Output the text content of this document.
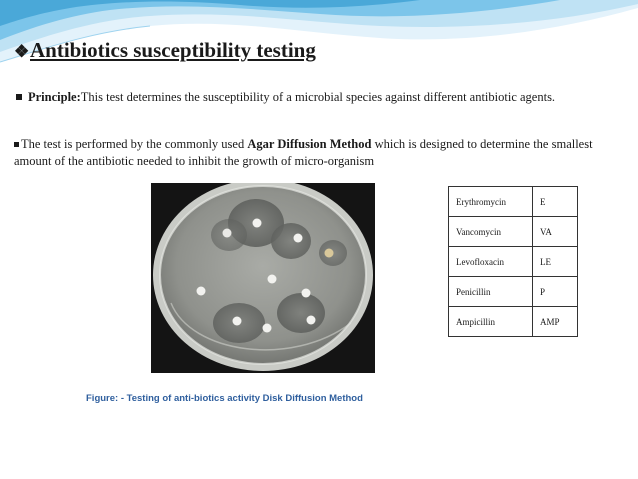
❖Antibiotics susceptibility testing
Principle:This test determines the susceptibility of a microbial species against different antibiotic agents.
The test is performed by the commonly used Agar Diffusion Method which is designed to determine the smallest amount of the antibiotic needed to inhibit the growth of micro-organism
Figure: - Testing of anti-biotics activity Disk Diffusion Method
Erythromycin	E
Vancomycin	VA
Levofloxacin	LE
Penicillin	P
Ampicillin	AMP
